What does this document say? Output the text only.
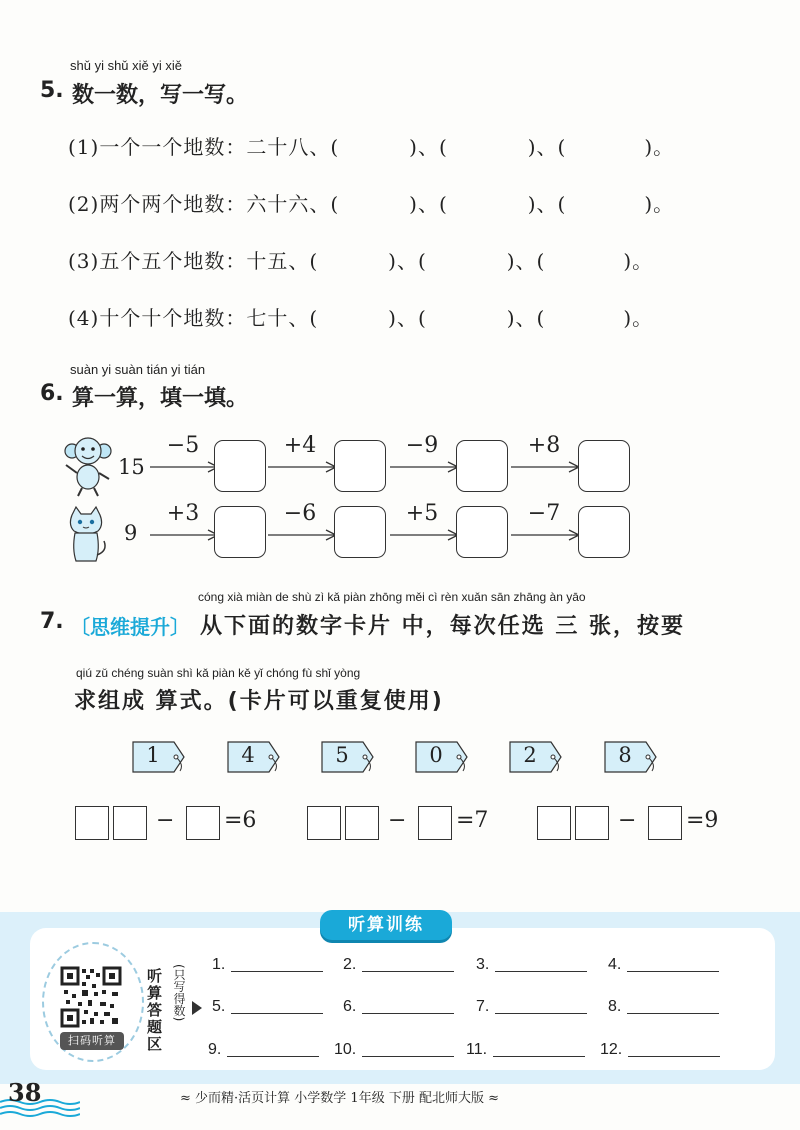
shǔ yi shǔ xiě yi xiě
5. 数一数，写一写。
(1)一个一个地数：二十八、(	)、(	)、(	)。
(2)两个两个地数：六十六、(	)、(	)、(	)。
(3)五个五个地数：十五、(	)、(	)、(	)。
(4)十个十个地数：七十、(	)、(	)、(	)。
suàn yi suàn tián yi tián
6. 算一算，填一填。
15
−5	+4	−9	+8
9
+3	−6	+5	−7
cóng xià miàn de shù zì kǎ piàn zhōng měi cì rèn xuǎn sān zhāng àn yāo
7. 〔思维提升〕 从下面的数字卡片 中，每次任选 三 张，按要
qiú zǔ chéng suàn shì kǎ piàn kě yǐ chóng fù shǐ yòng
求组成 算式。(卡片可以重复使用)
1	4	5	0	2	8
− =6	− =7	− =9
听算训练
扫码听算
听算答题区
(只写得数) 1.	2.	3.	4.
5.	6.	7.	8.
9.	10.	11.	12.
38	≈ 少而精·活页计算 小学数学 1年级 下册 配北师大版 ≈
